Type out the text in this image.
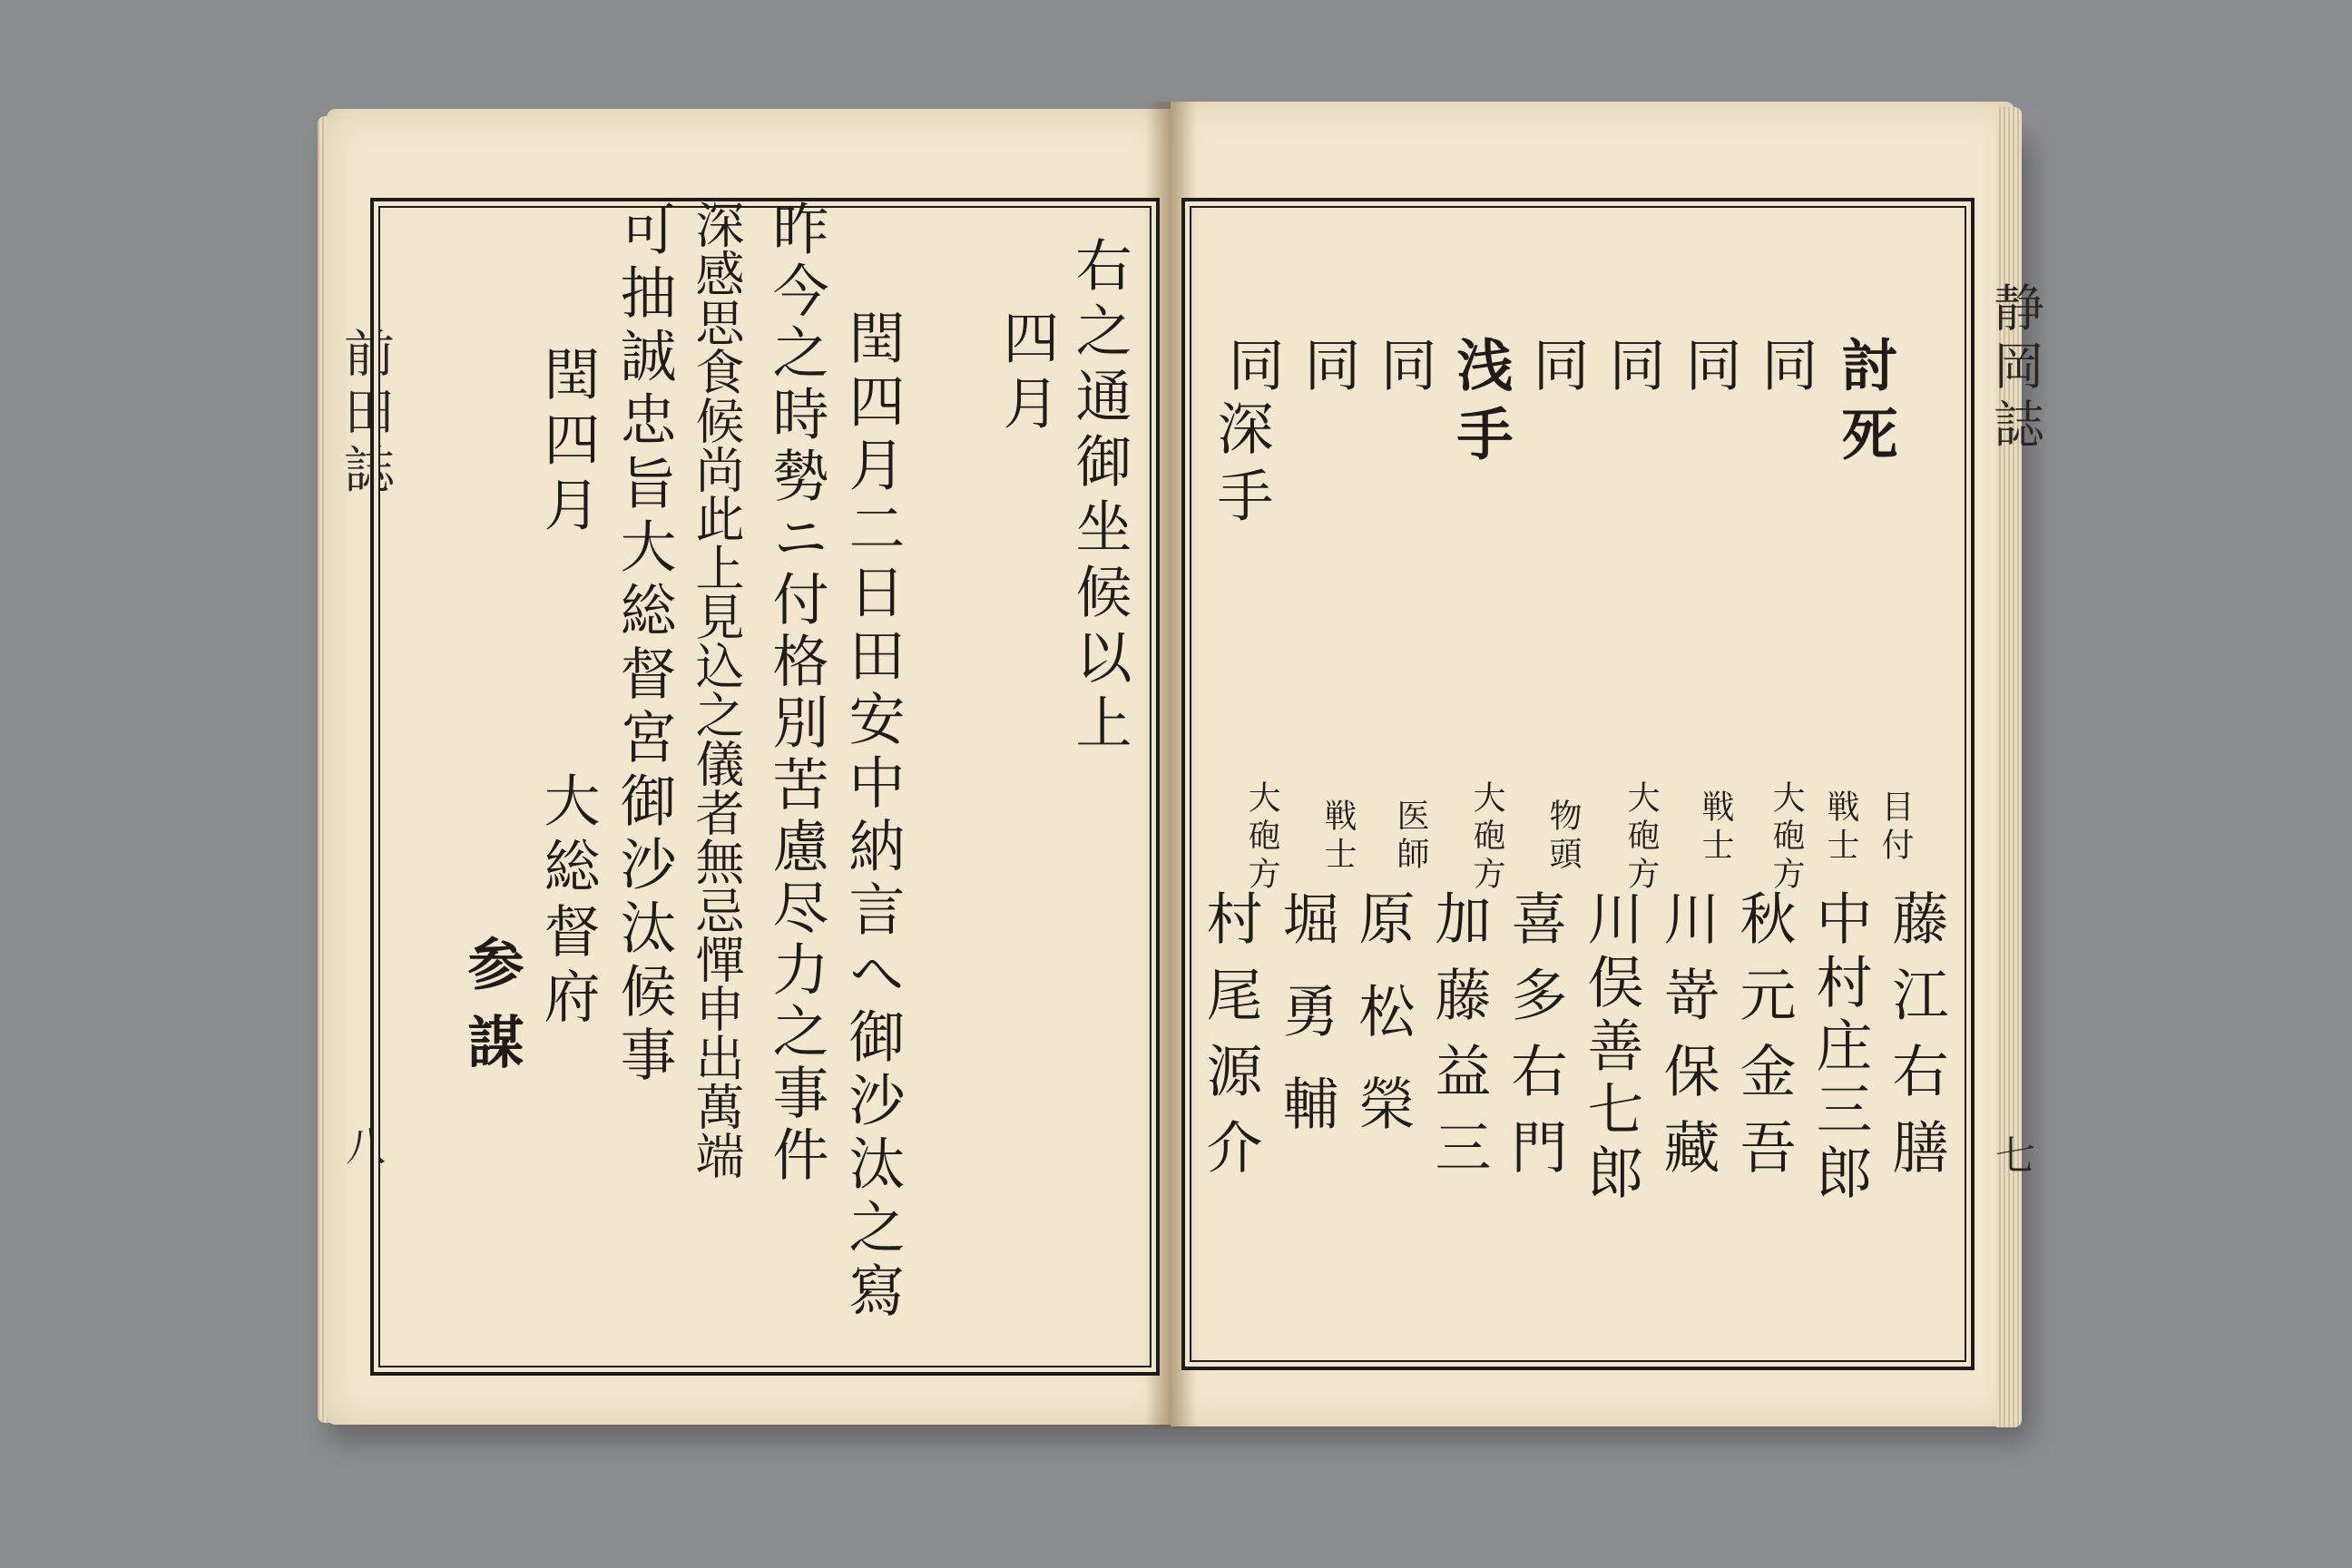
前田誌
八
右之通御坐候以上
四月
閏四月二日田安中納言へ御沙汰之寫
昨今之時勢ニ付格別苦慮尽力之事件
深感思食候尚此上見込之儀者無忌憚申出萬端
可抽誠忠旨大総督宮御沙汰候事
閏四月
大総督府
参謀
静岡誌
七
討死
同
同
同
同
浅手
同
同
同
深手
目付
戦士
大砲方
戦士
大砲方
物頭
大砲方
医師
戦士
大砲方
藤江右膳
中村庄三郎
秋元金吾
川嵜保藏
川俣善七郎
喜多右門
加藤益三
原松榮
堀勇輔
村尾源介
